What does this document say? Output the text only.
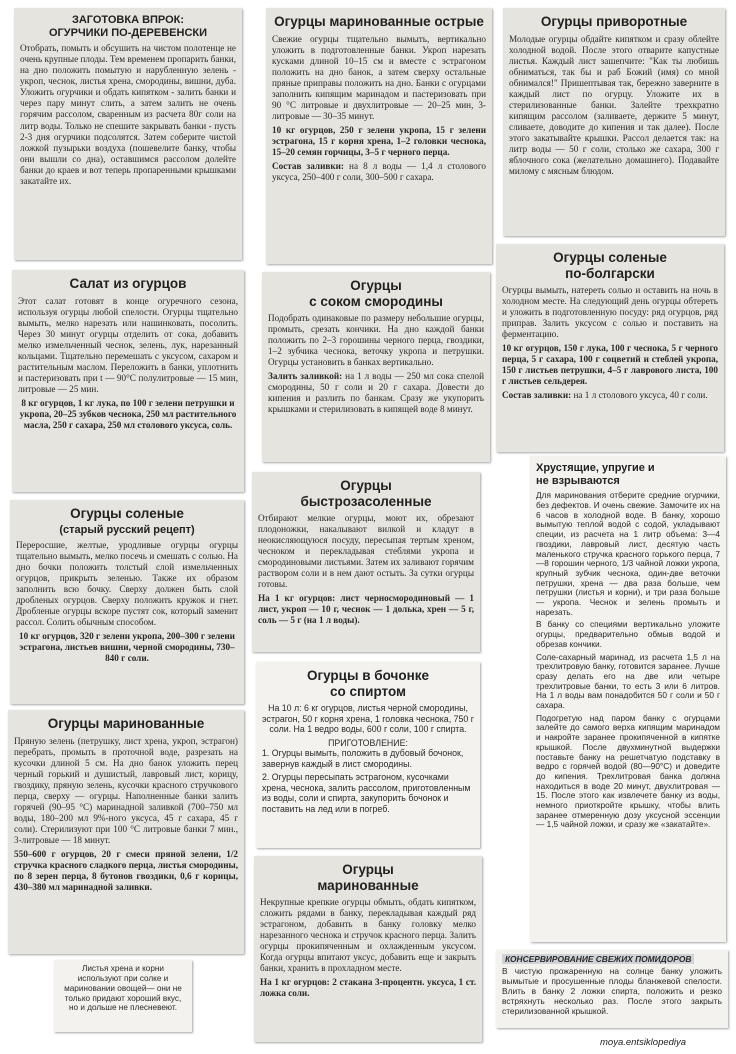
ЗАГОТОВКА ВПРОК:
ОГУРЧИКИ ПО-ДЕРЕВЕНСКИ

Отобрать, помыть и обсушить на чистом полотенце не очень крупные плоды. Тем временем пропарить банки, на дно положить помытую и нарубленную зелень - укроп, чеснок, листья хрена, смородины, вишни, дуба. Уложить огурчики и обдать кипятком - залить банки и через пару минут слить, а затем залить не очень горячим рассолом, сваренным из расчета 80г соли на литр воды. Только не спешите закрывать банки - пусть 2-3 дня огурчики подсолятся. Затем соберите чистой ложкой пузырьки воздуха (пошевелите банку, чтобы они вышли со дна), оставшимся рассолом долейте банки до краев и вот теперь пропаренными крышками закатайте их.

Огурцы маринованные острые

Свежие огурцы тщательно вымыть, вертикально уложить в подготовленные банки. Укроп нарезать кусками длиной 10–15 см и вместе с эстрагоном положить на дно банок, а затем сверху остальные пряные приправы положить на дно. Банки с огурцами заполнить кипящим маринадом и пастеризовать при 90 °С литровые и двухлитровые — 20–25 мин, 3-литровые — 30–35 минут.

10 кг огурцов, 250 г зелени укропа, 15 г зелени эстрагона, 15 г корня хрена, 1–2 головки чеснока, 15–20 семян горчицы, 3–5 г черного перца.

Состав заливки: на 8 л воды — 1,4 л столового уксуса, 250–400 г соли, 300–500 г сахара.

Огурцы приворотные

Молодые огурцы обдайте кипятком и сразу облейте холодной водой. После этого отварите капустные листья. Каждый лист зашепчите: "Как ты любишь обниматься, так бы и раб Божий (имя) со мной обнимался!" Пришептывая так, бережно заверните в каждый лист по огурцу. Уложите их в стерилизованные банки. Залейте трехкратно кипящим рассолом (заливаете, держите 5 минут, сливаете, доводите до кипения и так далее). После этого закатывайте крышки. Рассол делается так: на литр воды — 50 г соли, столько же сахара, 300 г яблочного сока (желательно домашнего). Подавайте милому с мясным блюдом.

Салат из огурцов

Этот салат готовят в конце огуречного сезона, используя огурцы любой спелости. Огурцы тщательно вымыть, мелко нарезать или нашинковать, посолить. Через 30 минут огурцы отделить от сока, добавить мелко измельченный чеснок, зелень, лук, нарезанный кольцами. Тщательно перемешать с уксусом, сахаром и растительным маслом. Переложить в банки, уплотнить и пастеризовать при t — 90°С полулитровые — 15 мин, литровые — 25 мин.

8 кг огурцов, 1 кг лука, по 100 г зелени петрушки и укропа, 20–25 зубков чеснока, 250 мл растительного масла, 250 г сахара, 250 мл столового уксуса, соль.

Огурцы
с соком смородины

Подобрать одинаковые по размеру небольшие огурцы, промыть, срезать кончики. На дно каждой банки положить по 2–3 горошины черного перца, гвоздики, 1–2 зубчика чеснока, веточку укропа и петрушки. Огурцы установить в банках вертикально.

Залить заливкой: на 1 л воды — 250 мл сока спелой смородины, 50 г соли и 20 г сахара. Довести до кипения и разлить по банкам. Сразу же укупорить крышками и стерилизовать в кипящей воде 8 минут.

Огурцы соленые
по-болгарски

Огурцы вымыть, натереть солью и оставить на ночь в холодном месте. На следующий день огурцы обтереть и уложить в подготовленную посуду: ряд огурцов, ряд приправ. Залить уксусом с солью и поставить на ферментацию.

10 кг огурцов, 150 г лука, 100 г чеснока, 5 г черного перца, 5 г сахара, 100 г соцветий и стеблей укропа, 150 г листьев петрушки, 4–5 г лаврового листа, 100 г листьев сельдерея.

Состав заливки: на 1 л столового уксуса, 40 г соли.

Огурцы соленые
(старый русский рецепт)

Переросшие, желтые, уродливые огурцы огурцы тщательно вымыть, мелко посечь и смешать с солью. На дно бочки положить толстый слой измельченных огурцов, прикрыть зеленью. Также их образом заполнить всю бочку. Сверху должен быть слой дробленых огурцов. Сверху положить кружок и гнет. Дробленые огурцы вскоре пустят сок, который заменит рассол. Солить обычным способом.

10 кг огурцов, 320 г зелени укропа, 200–300 г зелени эстрагона, листьев вишни, черной смородины, 730–840 г соли.

Огурцы
быстрозасоленные

Отбирают мелкие огурцы, моют их, обрезают плодоножки, накалывают вилкой и кладут в неокисляющуюся посуду, пересыпая тертым хреном, чесноком и перекладывая стеблями укропа и смородиновыми листьями. Затем их заливают горячим раствором соли и в нем дают остыть. За сутки огурцы готовы.

На 1 кг огурцов: лист черносмородиновый — 1 лист, укроп — 10 г, чеснок — 1 долька, хрен — 5 г, соль — 5 г (на 1 л воды).

Хрустящие, упругие и
не взрываются

Для маринования отберите средние огурчики, без дефектов. И очень свежие. Замочите их на 6 часов в холодной воде. В банку, хорошо вымытую теплой водой с содой, укладывают специи, из расчета на 1 литр объема: 3—4 гвоздики, лавровый лист, десятую часть маленького стручка красного горького перца, 7—8 горошин черного, 1/3 чайной ложки укропа, крупный зубчик чеснока, один-две веточки петрушки, хрена — два раза больше, чем петрушки (листья и корни), и три раза больше — укропа. Чеснок и зелень промыть и нарезать.

В банку со специями вертикально уложите огурцы, предварительно обмыв водой и обрезав кончики.

Соле-сахарный маринад, из расчета 1,5 л на трехлитровую банку, готовится заранее. Лучше сразу делать его на две или четыре трехлитровые банки, то есть 3 или 6 литров. На 1 л воды вам понадобится 50 г соли и 50 г сахара.

Подогретую над паром банку с огурцами залейте до самого верха кипящим маринадом и накройте заранее прокипяченной в кипятке крышкой. После двухминутной выдержки поставьте банку на решетчатую подставку в ведро с горячей водой (80—90°С) и доведите до кипения. Трехлитровая банка должна находиться в воде 20 минут, двухлитровая — 15. После этого как извлечете банку из воды, немного приоткройте крышку, чтобы влить заранее отмеренную дозу уксусной эссенции — 1,5 чайной ложки, и сразу же «закатайте».

Огурцы в бочонке
со спиртом

На 10 л: 6 кг огурцов, листья черной смородины, эстрагон, 50 г корня хрена, 1 головка чеснока, 750 г соли. На 1 ведро воды, 600 г соли, 100 г спирта.

ПРИГОТОВЛЕНИЕ:

1. Огурцы вымыть, положить в дубовый бочонок, завернув каждый в лист смородины.

2. Огурцы пересыпать эстрагоном, кусочками хрена, чеснока, залить рассолом, приготовленным из воды, соли и спирта, закупорить бочонок и поставить на лед или в погреб.

Огурцы маринованные

Пряную зелень (петрушку, лист хрена, укроп, эстрагон) перебрать, промыть в проточной воде, разрезать на кусочки длиной 5 см. На дно банок уложить перец черный горький и душистый, лавровый лист, корицу, гвоздику, пряную зелень, кусочки красного стручкового перца, сверху — огурцы. Наполненные банки залить горячей (90–95 °С) маринадной заливкой (700–750 мл воды, 180–200 мл 9%-ного уксуса, 45 г сахара, 45 г соли). Стерилизуют при 100 °С литровые банки 7 мин., 3-литровые — 18 минут.

550–600 г огурцов, 20 г смеси пряной зелени, 1/2 стручка красного сладкого перца, листья смородины, по 8 зерен перца, 8 бутонов гвоздики, 0,6 г корицы, 430–380 мл маринадной заливки.

Огурцы
маринованные

Некрупные крепкие огурцы обмыть, обдать кипятком, сложить рядами в банку, перекладывая каждый ряд эстрагоном, добавить в банку головку мелко нарезанного чеснока и стручок красного перца. Залить огурцы прокипяченным и охлажденным уксусом. Когда огурцы впитают уксус, добавить еще и закрыть банки, хранить в прохладном месте.

На 1 кг огурцов: 2 стакана 3-процентн. уксуса, 1 ст. ложка соли.

Листья хрена и корни используют при солке и мариновании овощей— они не только придают хороший вкус, но и дольше не плесневеют.

КОНСЕРВИРОВАНИЕ СВЕЖИХ ПОМИДОРОВ

В чистую прожаренную на солнце банку уложить вымытые и просушенные плоды бланжевой спелости. Влить в банку 2 ложки спирта, положить и резко встряхнуть несколько раз. После этого закрыть стерилизованной крышкой.

moya.entsiklopediya
